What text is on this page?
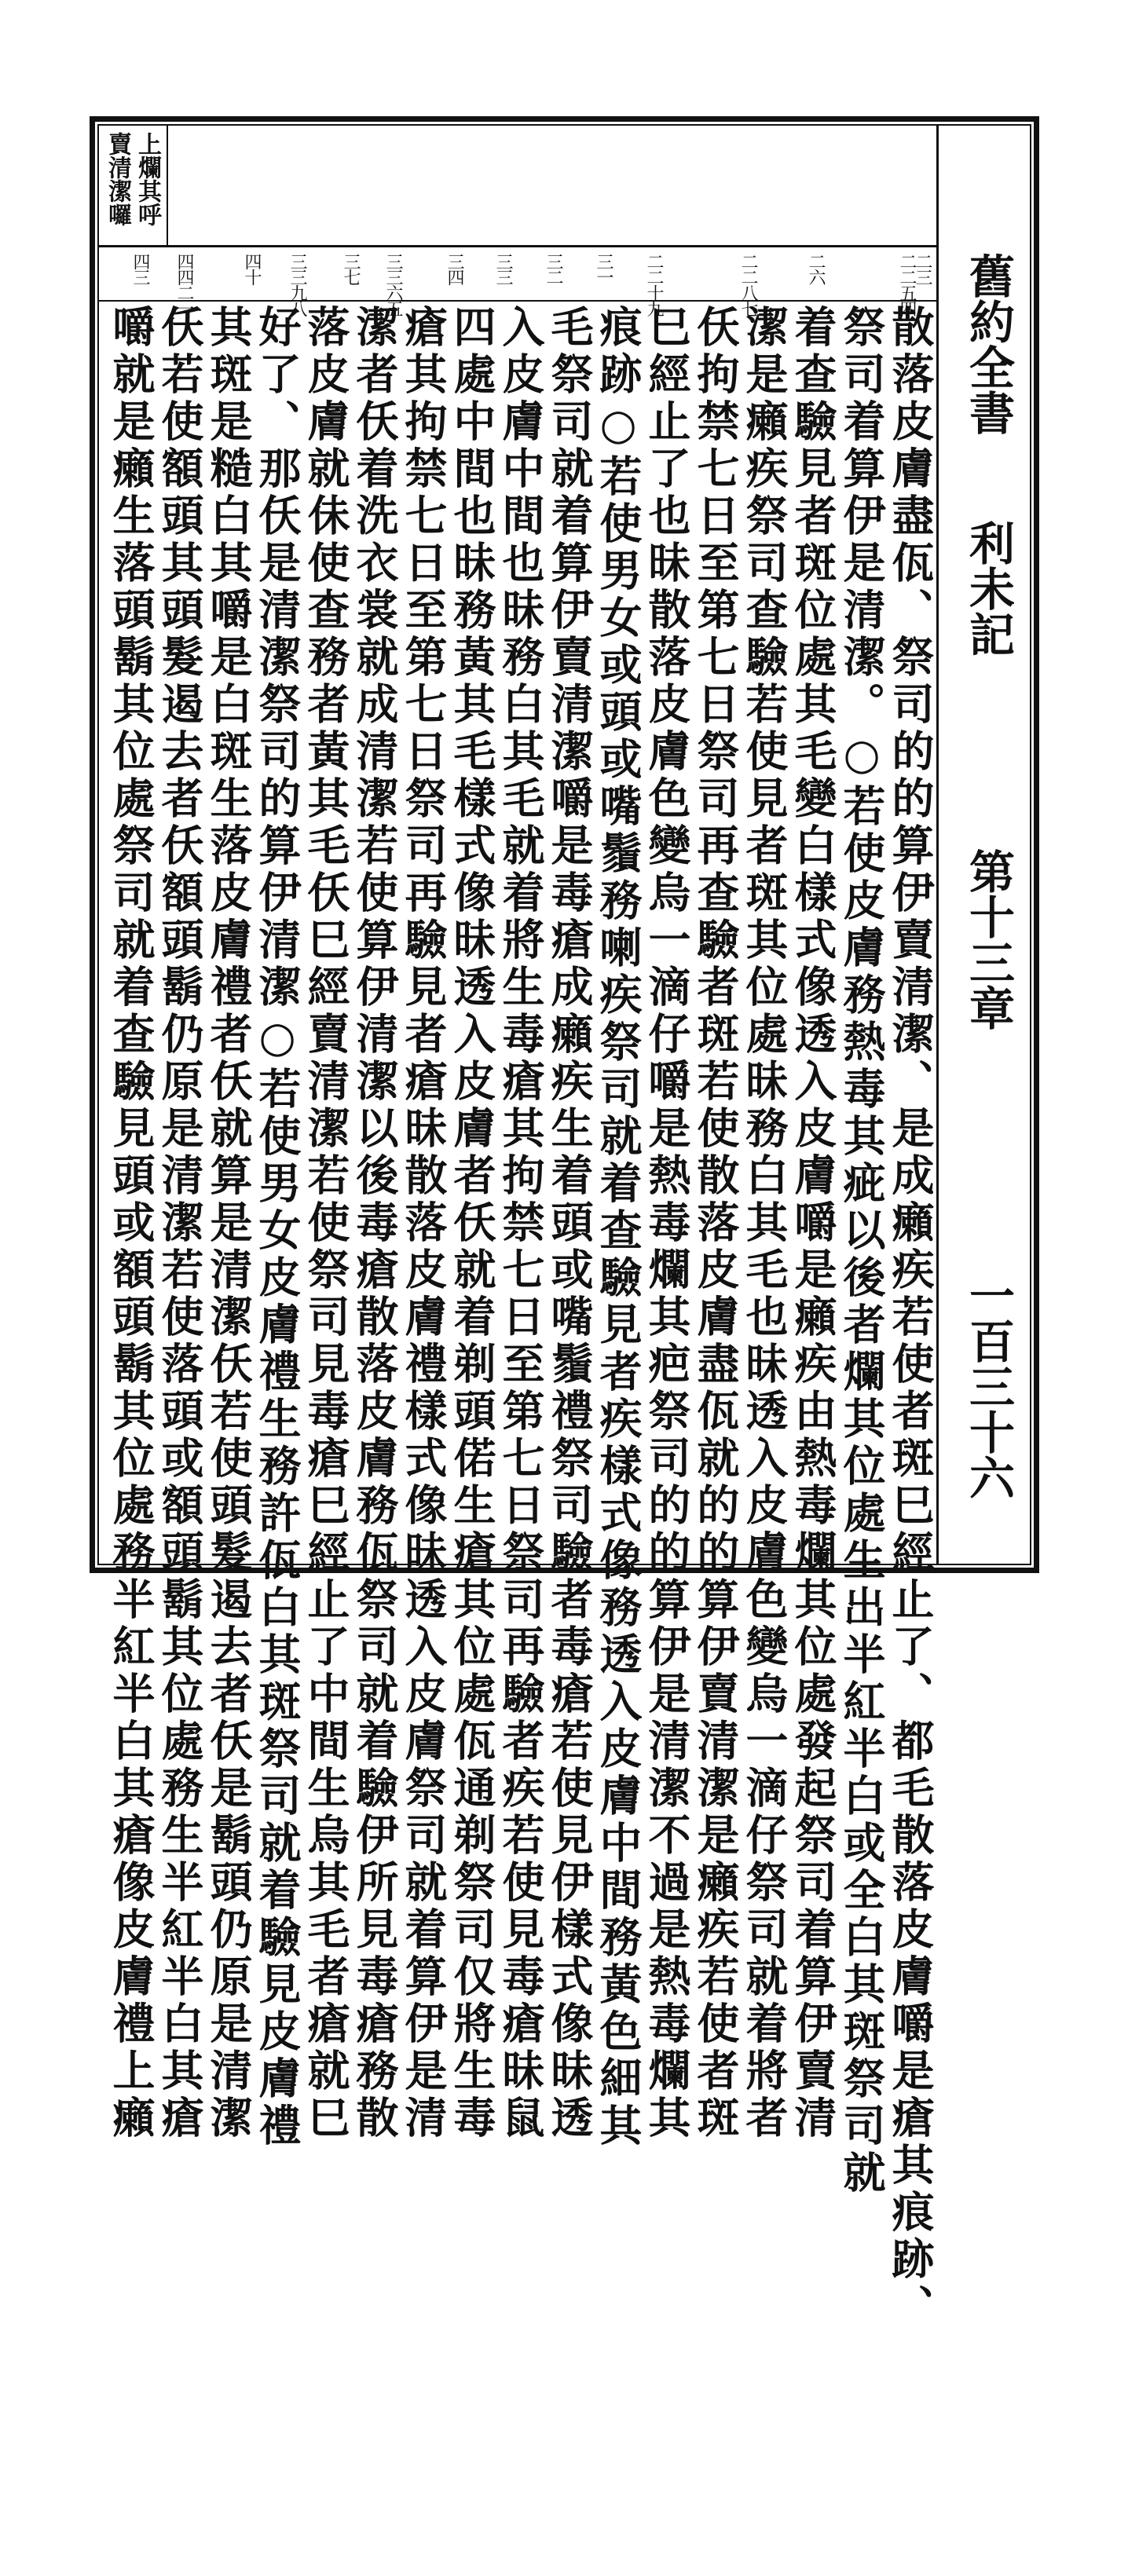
舊約全書
利未記
第十三章
一百三十六
上爛其呼
賣清潔囉
二三
二二五四
二六
二二八七
二二十九
三一
三二
三三
三四
三三六五
三七
三三九八
四十
四四二一
四三
散落皮膚盡佤、祭司的的算伊賣清潔、是成癩疾若使者斑巳經止了、都毛散落皮膚嚼是瘡其痕跡、
祭司着算伊是清潔。○若使皮膚務熱毒其疵以後者爛其位處生出半紅半白或全白其斑祭司就
着查驗見者斑位處其毛變白樣式像透入皮膚嚼是癩疾由熱毒爛其位處發起祭司着算伊賣清
潔是癩疾祭司查驗若使見者斑其位處昧務白其毛也昧透入皮膚色變烏一滴仔祭司就着將者
仸拘禁七日至第七日祭司再查驗者斑若使散落皮膚盡佤就的的算伊賣清潔是癩疾若使者斑
巳經止了也昧散落皮膚色變烏一滴仔嚼是熱毒爛其疤祭司的的算伊是清潔不過是熱毒爛其
痕跡○若使男女或頭或嘴鬚務喇疾祭司就着查驗見者疾樣式像務透入皮膚中間務黃色細其
毛祭司就着算伊賣清潔嚼是毒瘡成癩疾生着頭或嘴鬚禮祭司驗者毒瘡若使見伊樣式像昧透
入皮膚中間也昧務白其毛就着將生毒瘡其拘禁七日至第七日祭司再驗者疾若使見毒瘡昧鼠
四處中間也昧務黃其毛樣式像昧透入皮膚者仸就着剃頭偌生瘡其位處佤通剃祭司仅將生毒
瘡其拘禁七日至第七日祭司再驗見者瘡昧散落皮膚禮樣式像昧透入皮膚祭司就着算伊是清
潔者仸着洗衣裳就成清潔若使算伊清潔以後毒瘡散落皮膚務佤祭司就着驗伊所見毒瘡務散
落皮膚就佅使查務者黃其毛仸巳經賣清潔若使祭司見毒瘡巳經止了中間生烏其毛者瘡就巳
好了、那仸是清潔祭司的算伊清潔○若使男女皮膚禮生務許佤白其斑祭司就着驗見皮膚禮
其斑是糙白其嚼是白斑生落皮膚禮者仸就算是清潔仸若使頭髮遏去者仸是鬍頭仍原是清潔
仸若使額頭其頭髮遏去者仸額頭鬍仍原是清潔若使落頭或額頭鬍其位處務生半紅半白其瘡
嚼就是癩生落頭鬍其位處祭司就着查驗見頭或額頭鬍其位處務半紅半白其瘡像皮膚禮上癩
